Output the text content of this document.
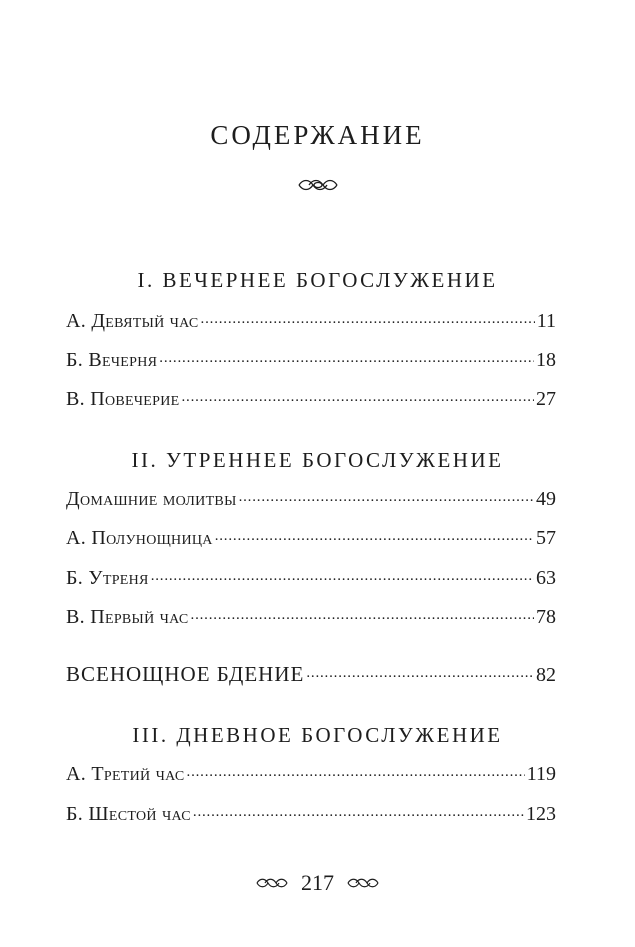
СОДЕРЖАНИЕ
I. ВЕЧЕРНЕЕ БОГОСЛУЖЕНИЕ
А. Девятый час .....	11
Б. Вечерня .....	18
В. Повечерие .....	27
II. УТРЕННЕЕ БОГОСЛУЖЕНИЕ
Домашние молитвы .....	49
А. Полунощница .....	57
Б. Утреня .....	63
В. Первый час .....	78
ВСЕНОЩНОЕ БДЕНИЕ .....	82
III. ДНЕВНОЕ БОГОСЛУЖЕНИЕ
А. Третий час .....	119
Б. Шестой час .....	123
217
